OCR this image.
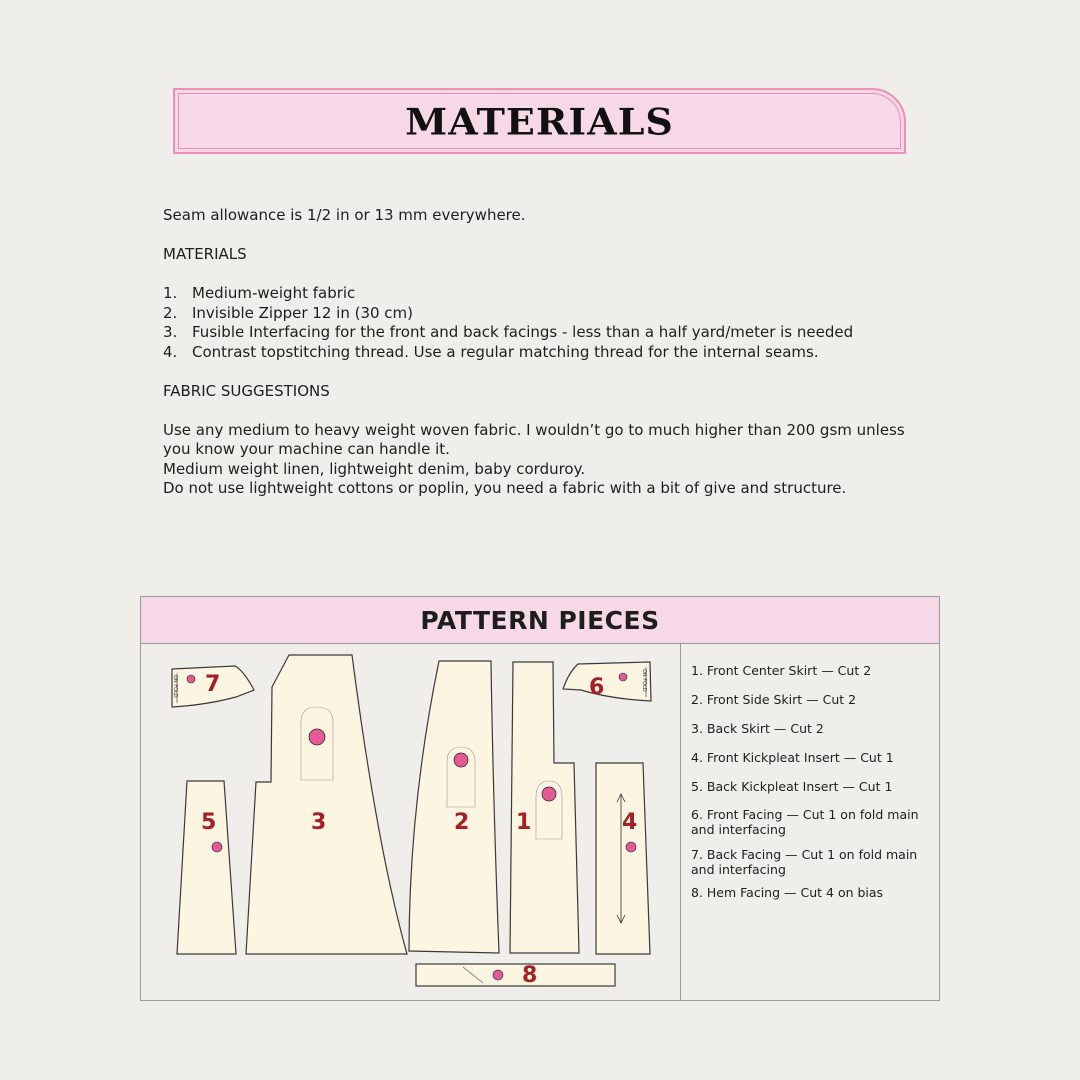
MATERIALS

Seam allowance is 1/2 in or 13 mm everywhere.

MATERIALS

1. Medium-weight fabric
2. Invisible Zipper 12 in (30 cm)
3. Fusible Interfacing for the front and back facings - less than a half yard/meter is needed
4. Contrast topstitching thread. Use a regular matching thread for the internal seams.

FABRIC SUGGESTIONS

Use any medium to heavy weight woven fabric. I wouldn’t go to much higher than 200 gsm unless you know your machine can handle it.

Medium weight linen, lightweight denim, baby corduroy.

Do not use lightweight cottons or poplin, you need a fabric with a bit of give and structure.

PATTERN PIECES
ON FOLD 7
5	3	2 1	4
ON FOLD
6
8
1. Front Center Skirt — Cut 2
2. Front Side Skirt — Cut 2
3. Back Skirt — Cut 2
4. Front Kickpleat Insert — Cut 1
5. Back Kickpleat Insert — Cut 1
6. Front Facing — Cut 1 on fold main and interfacing
7. Back Facing — Cut 1 on fold main and interfacing
8. Hem Facing — Cut 4 on bias
